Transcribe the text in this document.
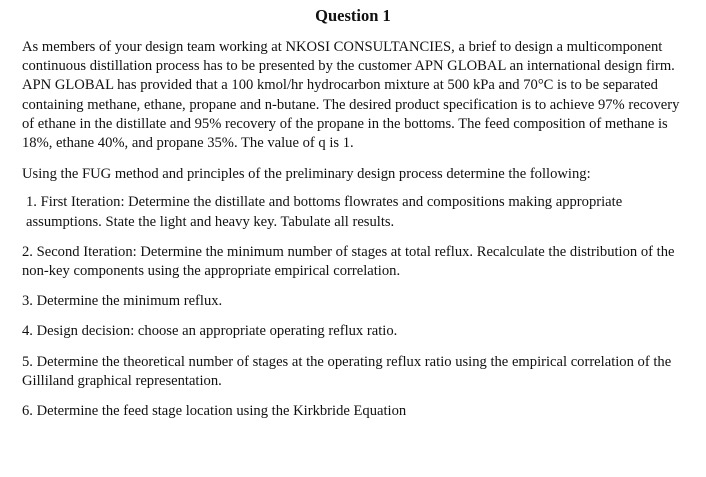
Question 1

As members of your design team working at NKOSI CONSULTANCIES, a brief to design a multicomponent continuous distillation process has to be presented by the customer APN GLOBAL an international design firm. APN GLOBAL has provided that a 100 kmol/hr hydrocarbon mixture at 500 kPa and 70°C is to be separated containing methane, ethane, propane and n-butane. The desired product specification is to achieve 97% recovery of ethane in the distillate and 95% recovery of the propane in the bottoms. The feed composition of methane is 18%, ethane 40%, and propane 35%. The value of q is 1.

Using the FUG method and principles of the preliminary design process determine the following:

1. First Iteration: Determine the distillate and bottoms flowrates and compositions making appropriate assumptions. State the light and heavy key. Tabulate all results.

2. Second Iteration: Determine the minimum number of stages at total reflux. Recalculate the distribution of the non-key components using the appropriate empirical correlation.

3. Determine the minimum reflux.

4. Design decision: choose an appropriate operating reflux ratio.

5. Determine the theoretical number of stages at the operating reflux ratio using the empirical correlation of the Gilliland graphical representation.

6. Determine the feed stage location using the Kirkbride Equation
